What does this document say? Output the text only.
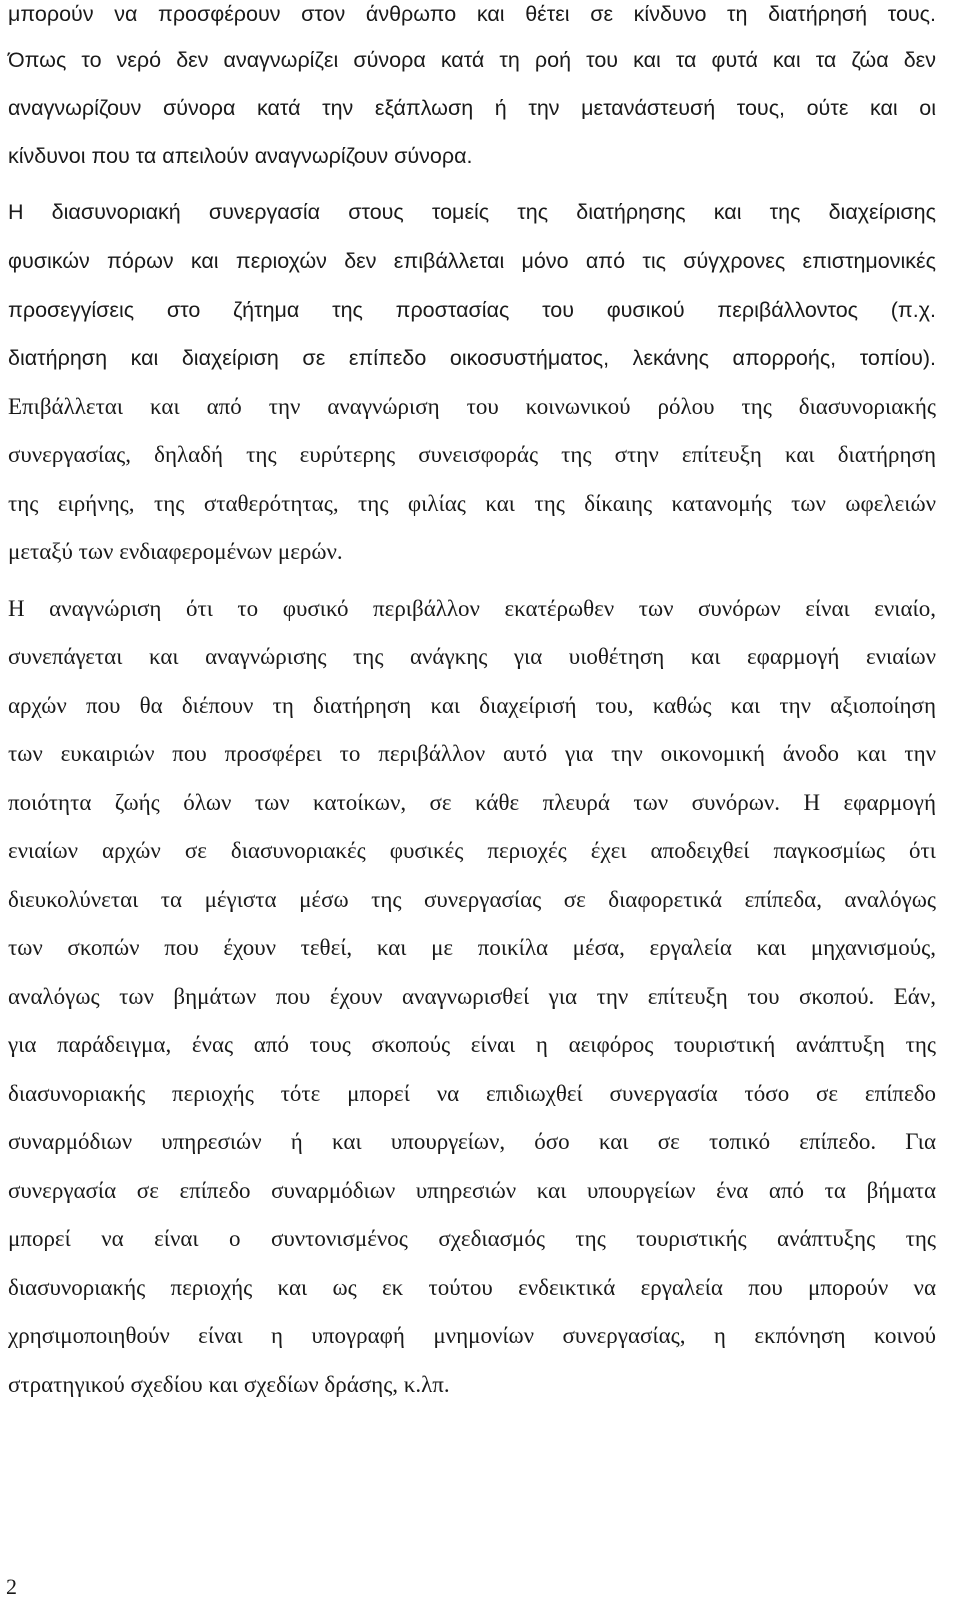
μπορούν να προσφέρουν στον άνθρωπο και θέτει σε κίνδυνο τη διατήρησή τους.
Όπως το νερό δεν αναγνωρίζει σύνορα κατά τη ροή του και τα φυτά και τα ζώα δεν
αναγνωρίζουν σύνορα κατά την εξάπλωση ή την μετανάστευσή τους, ούτε και οι
κίνδυνοι που τα απειλούν αναγνωρίζουν σύνορα.
Η διασυνοριακή συνεργασία στους τομείς της διατήρησης και της διαχείρισης
φυσικών πόρων και περιοχών δεν επιβάλλεται μόνο από τις σύγχρονες επιστημονικές
προσεγγίσεις στο ζήτημα της προστασίας του φυσικού περιβάλλοντος (π.χ.
διατήρηση και διαχείριση σε επίπεδο οικοσυστήματος, λεκάνης απορροής, τοπίου).
Επιβάλλεται και από την αναγνώριση του κοινωνικού ρόλου της διασυνοριακής
συνεργασίας, δηλαδή της ευρύτερης συνεισφοράς της στην επίτευξη και διατήρηση
της ειρήνης, της σταθερότητας, της φιλίας και της δίκαιης κατανομής των ωφελειών
μεταξύ των ενδιαφερομένων μερών.
Η αναγνώριση ότι το φυσικό περιβάλλον εκατέρωθεν των συνόρων είναι ενιαίο,
συνεπάγεται και αναγνώρισης της ανάγκης για υιοθέτηση και εφαρμογή ενιαίων
αρχών που θα διέπουν τη διατήρηση και διαχείρισή του, καθώς και την αξιοποίηση
των ευκαιριών που προσφέρει το περιβάλλον αυτό για την οικονομική άνοδο και την
ποιότητα ζωής όλων των κατοίκων, σε κάθε πλευρά των συνόρων. Η εφαρμογή
ενιαίων αρχών σε διασυνοριακές φυσικές περιοχές έχει αποδειχθεί παγκοσμίως ότι
διευκολύνεται τα μέγιστα μέσω της συνεργασίας σε διαφορετικά επίπεδα, αναλόγως
των σκοπών που έχουν τεθεί, και με ποικίλα μέσα, εργαλεία και μηχανισμούς,
αναλόγως των βημάτων που έχουν αναγνωρισθεί για την επίτευξη του σκοπού. Εάν,
για παράδειγμα, ένας από τους σκοπούς είναι η αειφόρος τουριστική ανάπτυξη της
διασυνοριακής περιοχής τότε μπορεί να επιδιωχθεί συνεργασία τόσο σε επίπεδο
συναρμόδιων υπηρεσιών ή και υπουργείων, όσο και σε τοπικό επίπεδο. Για
συνεργασία σε επίπεδο συναρμόδιων υπηρεσιών και υπουργείων ένα από τα βήματα
μπορεί να είναι ο συντονισμένος σχεδιασμός της τουριστικής ανάπτυξης της
διασυνοριακής περιοχής και ως εκ τούτου ενδεικτικά εργαλεία που μπορούν να
χρησιμοποιηθούν είναι η υπογραφή μνημονίων συνεργασίας, η εκπόνηση κοινού
στρατηγικού σχεδίου και σχεδίων δράσης, κ.λπ.
2
